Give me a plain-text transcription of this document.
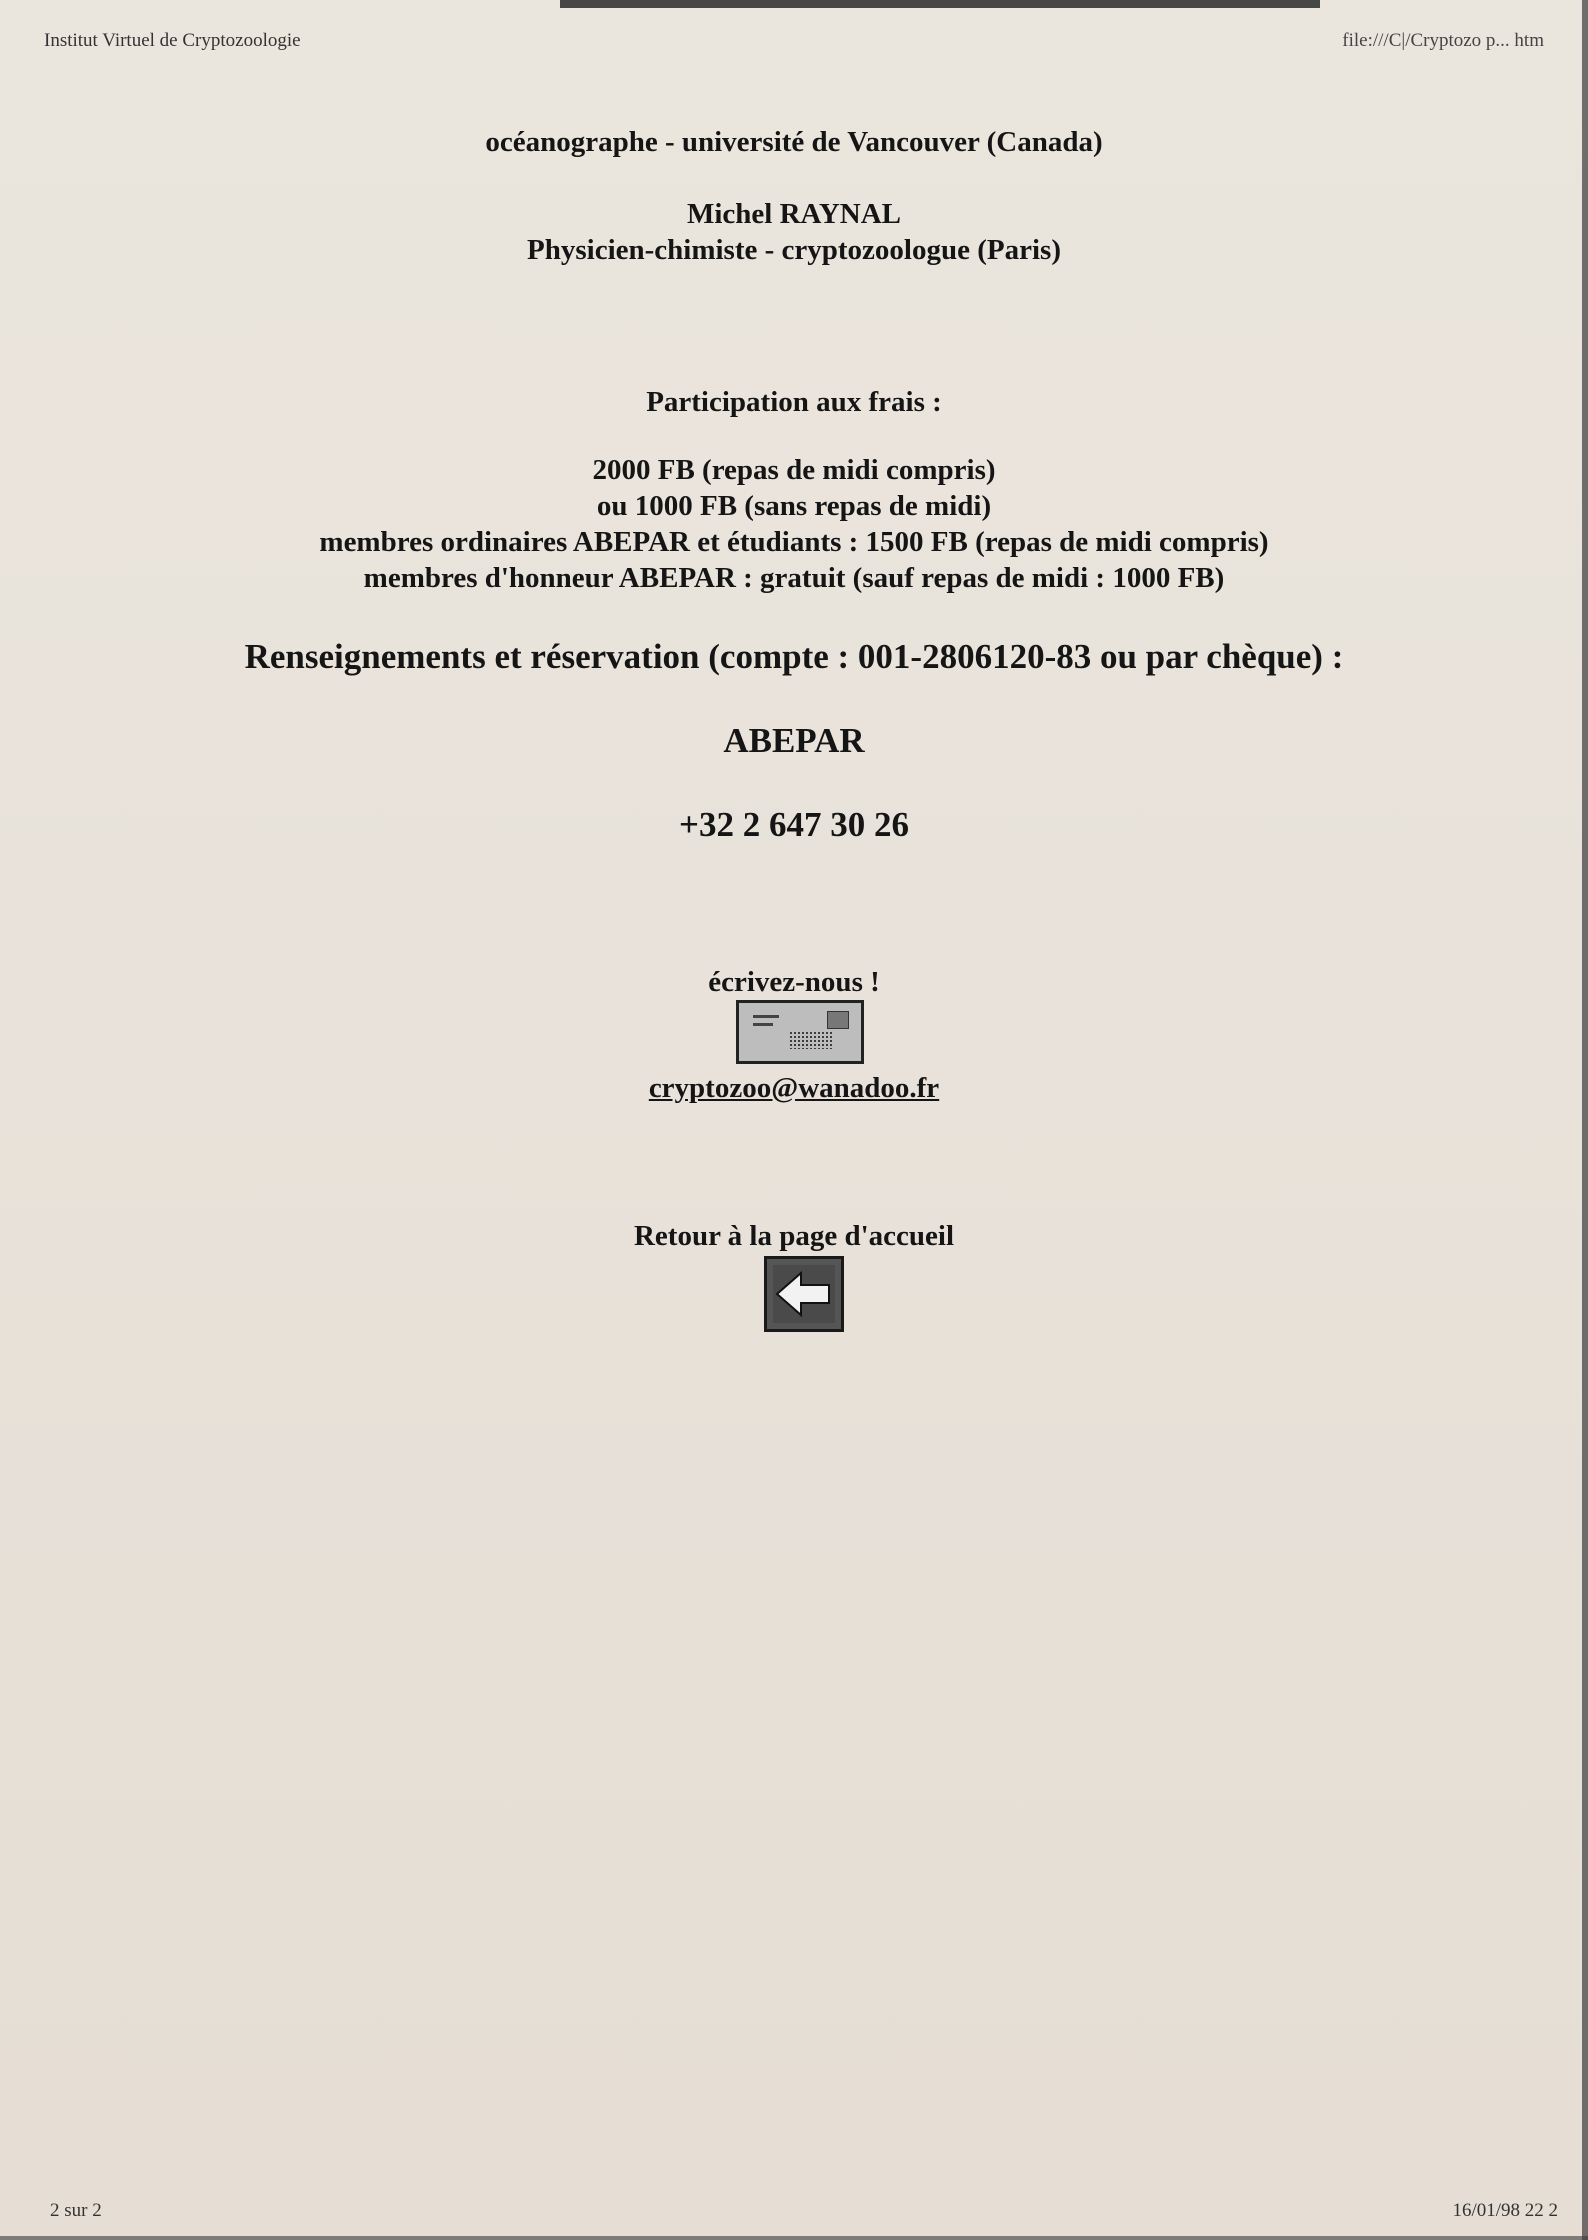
Institut Virtuel de Cryptozoologie	file:///C|/Cryptozo p... htm
océanographe - université de Vancouver (Canada)
Michel RAYNAL
Physicien-chimiste - cryptozoologue (Paris)
Participation aux frais :
2000 FB (repas de midi compris)
ou 1000 FB (sans repas de midi)
membres ordinaires ABEPAR et étudiants : 1500 FB (repas de midi compris)
membres d'honneur ABEPAR : gratuit (sauf repas de midi : 1000 FB)
Renseignements et réservation (compte : 001-2806120-83 ou par chèque) :
ABEPAR
+32 2 647 30 26
écrivez-nous !
cryptozoo@wanadoo.fr
Retour à la page d'accueil
2 sur 2	16/01/98 22 2
